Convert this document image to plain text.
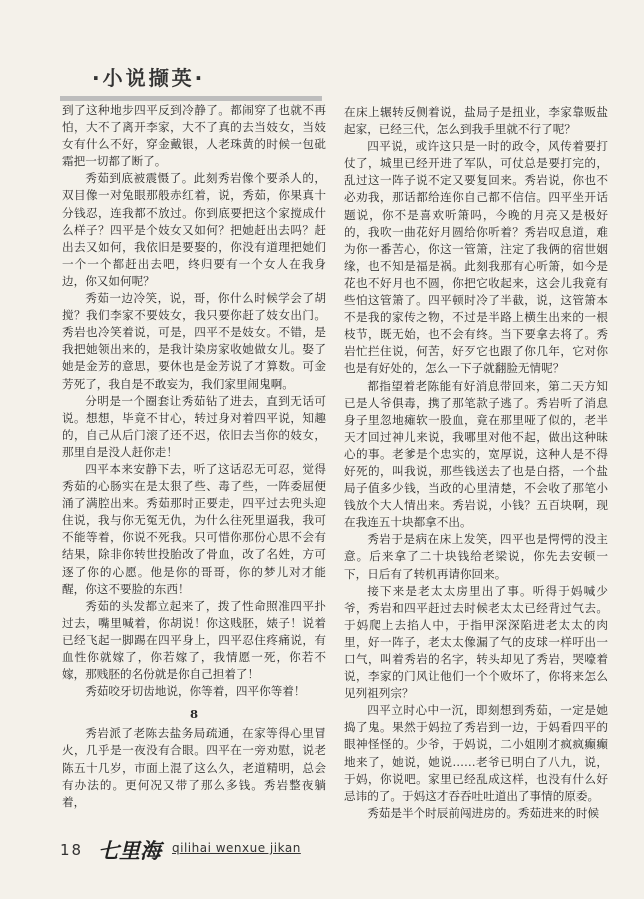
·小说撷英·

到了这种地步四平反到冷静了。都闹穿了也就不再怕，大不了离开李家，大不了真的去当妓女，当妓女有什么不好，穿金戴银，人老珠黄的时候一包砒霜把一切都了断了。

秀茹到底被震慑了。此刻秀岩像个要杀人的，双目像一对兔眼那般赤红着，说，秀茹，你果真十分钱忍，连我都不放过。你到底要把这个家搅成什么样子？四平是个妓女又如何？把她赶出去吗？赶出去又如何，我依旧是要娶的，你没有道理把她们一个一个都赶出去吧，终归要有一个女人在我身边，你又如何呢？

秀茹一边冷笑，说，哥，你什么时候学会了胡搅？我们李家不要妓女，我只要你赶了妓女出门。秀岩也冷笑着说，可是，四平不是妓女。不错，是我把她领出来的，是我计染房家收她做女儿。娶了她是金芳的意思，要休也是金芳说了才算数。可金芳死了，我自是不敢妄为，我们家里闹鬼啊。

分明是一个圈套让秀茹钻了进去，直到无话可说。想想，毕竟不甘心，转过身对着四平说，知趣的，自己从后门滚了还不迟，依旧去当你的妓女，那里自是没人赶你走！

四平本来安静下去，听了这话忍无可忍，觉得秀茹的心肠实在是太狠了些、毒了些，一阵委屈便涌了满腔出来。秀茹那时正要走，四平过去兜头迎住说，我与你无冤无仇，为什么往死里逼我，我可不能等着，你说不死我。只可惜你那份心思不会有结果，除非你转世投胎改了骨血，改了名姓，方可逐了你的心愿。他是你的哥哥，你的梦儿对才能醒，你这不要脸的东西！

秀茹的头发都立起来了，拨了性命照准四平扑过去，嘴里喊着，你胡说！你这贱胚，婊子！说着已经飞起一脚踢在四平身上，四平忍住疼痛说，有血性你就嫁了，你若嫁了，我情愿一死，你若不嫁，那贱胚的名份就是你自己担着了！

秀茹咬牙切齿地说，你等着，四平你等着！

8

秀岩派了老陈去盐务局疏通，在家等得心里冒火，几乎是一夜没有合眼。四平在一旁劝慰，说老陈五十几岁，市面上混了这么久，老道精明，总会有办法的。更何况又带了那么多钱。秀岩整夜躺着，

在床上辗转反侧着说，盐局子是扭业，李家靠贩盐起家，已经三代，怎么到我手里就不行了呢？

四平说，或许这只是一时的政令，风传着要打仗了，城里已经开进了军队，可仗总是要打完的，乱过这一阵子说不定又要复回来。秀岩说，你也不必劝我，那话都给连你自己都不信信。四平坐开话题说，你不是喜欢听箫吗，今晚的月亮又是极好的，我吹一曲花好月圆给你听着？秀岩叹息道，难为你一番苦心，你这一管箫，注定了我俩的宿世姻缘，也不知是福是祸。此刻我那有心听箫，如今是花也不好月也不圆，你把它收起来，这会儿我竟有些怕这管箫了。四平顿时冷了半截，说，这管箫本不是我的家传之物，不过是半路上横生出来的一根枝节，既无始，也不会有终。当下要拿去将了。秀岩忙拦住说，何苦，好歹它也跟了你几年，它对你也是有好处的，怎么一下子就翻脸无情呢？

都指望着老陈能有好消息带回来，第二天方知已是人爷俱毒，携了那笔款子逃了。秀岩听了消息身子里忽地瘫软一股血，竟在那里哑了似的，老半天才回过神儿来说，我哪里对他不起，做出这种昧心的事。老爹是个忠实的，宽厚说，这种人是不得好死的，叫我说，那些钱送去了也是白搭，一个盐局子值多少钱，当政的心里清楚，不会收了那笔小钱放个大人情出来。秀岩说，小钱？五百块啊，现在我连五十块都拿不出。

秀岩于是病在床上发笑，四平也是愕愕的没主意。后来拿了二十块钱给老梁说，你先去安顿一下，日后有了转机再请你回来。

接下来是老太太房里出了事。听得于妈喊少爷，秀岩和四平赶过去时候老太太已经背过气去。于妈爬上去掐人中，于指甲深深陷进老太太的肉里，好一阵子，老太太像漏了气的皮球一样吁出一口气，叫着秀岩的名字，转头却见了秀岩，哭嚎着说，李家的门风让他们一个个败坏了，你将来怎么见列祖列宗？

四平立时心中一沉，即刻想到秀茹，一定是她捣了鬼。果然于妈拉了秀岩到一边，于妈看四平的眼神怪怪的。少爷，于妈说，二小姐刚才疯疯癫癫地来了，她说，她说……老爷已明白了八九，说，于妈，你说吧。家里已经乱成这样，也没有什么好忌讳的了。于妈这才吞吞吐吐道出了事情的原委。

秀茹是半个时辰前闯进房的。秀茹进来的时候

18 七里海 qilihai wenxue jikan
